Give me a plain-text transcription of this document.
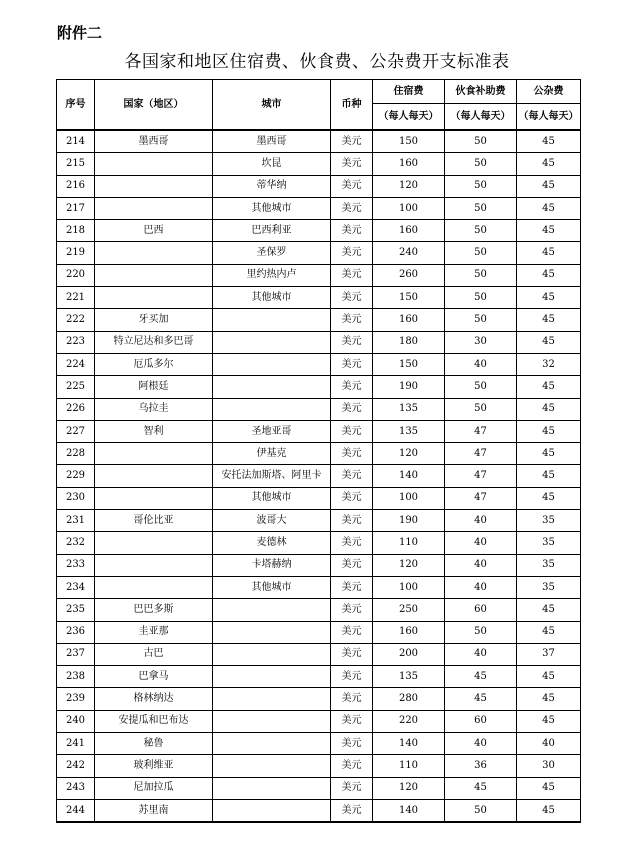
附件二
各国家和地区住宿费、伙食费、公杂费开支标准表
序号	国家（地区）	城市	币种	住宿费	伙食补助费	公杂费
				（每人每天）	（每人每天）	（每人每天）
214	墨西哥	墨西哥	美元	150	50	45
215		坎昆	美元	160	50	45
216		蒂华纳	美元	120	50	45
217		其他城市	美元	100	50	45
218	巴西	巴西利亚	美元	160	50	45
219		圣保罗	美元	240	50	45
220		里约热内卢	美元	260	50	45
221		其他城市	美元	150	50	45
222	牙买加		美元	160	50	45
223	特立尼达和多巴哥		美元	180	30	45
224	厄瓜多尔		美元	150	40	32
225	阿根廷		美元	190	50	45
226	乌拉圭		美元	135	50	45
227	智利	圣地亚哥	美元	135	47	45
228		伊基克	美元	120	47	45
229		安托法加斯塔、阿里卡	美元	140	47	45
230		其他城市	美元	100	47	45
231	哥伦比亚	波哥大	美元	190	40	35
232		麦德林	美元	110	40	35
233		卡塔赫纳	美元	120	40	35
234		其他城市	美元	100	40	35
235	巴巴多斯		美元	250	60	45
236	圭亚那		美元	160	50	45
237	古巴		美元	200	40	37
238	巴拿马		美元	135	45	45
239	格林纳达		美元	280	45	45
240	安提瓜和巴布达		美元	220	60	45
241	秘鲁		美元	140	40	40
242	玻利维亚		美元	110	36	30
243	尼加拉瓜		美元	120	45	45
244	苏里南		美元	140	50	45
